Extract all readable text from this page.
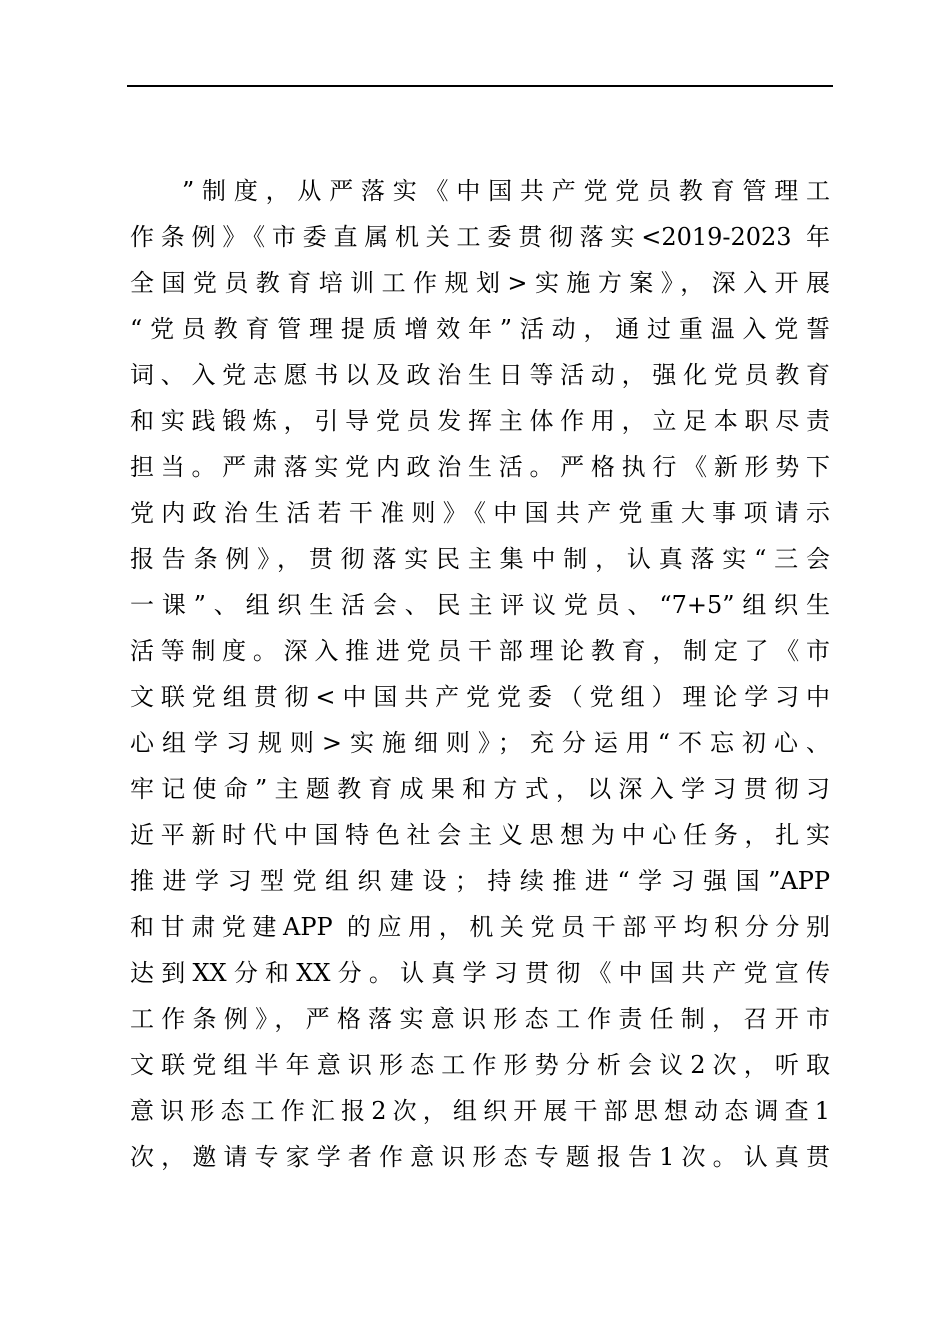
”制度，从严落实《中国共产党党员教育管理工
作条例》《市委直属机关工委贯彻落实<2019-2023 年
全国党员教育培训工作规划>实施方案》，深入开展
“党员教育管理提质增效年”活动，通过重温入党誓
词、入党志愿书以及政治生日等活动，强化党员教育
和实践锻炼，引导党员发挥主体作用，立足本职尽责
担当。严肃落实党内政治生活。严格执行《新形势下
党内政治生活若干准则》《中国共产党重大事项请示
报告条例》，贯彻落实民主集中制，认真落实“三会
一课”、组织生活会、民主评议党员、“7+5”组织生
活等制度。深入推进党员干部理论教育，制定了《市
文联党组贯彻<中国共产党党委（党组）理论学习中
心组学习规则>实施细则》；充分运用“不忘初心、
牢记使命”主题教育成果和方式，以深入学习贯彻习
近平新时代中国特色社会主义思想为中心任务，扎实
推进学习型党组织建设；持续推进“学习强国”APP
和甘肃党建APP 的应用，机关党员干部平均积分分别
达到XX分和XX分。认真学习贯彻《中国共产党宣传
工作条例》，严格落实意识形态工作责任制，召开市
文联党组半年意识形态工作形势分析会议2次，听取
意识形态工作汇报2次，组织开展干部思想动态调查1
次，邀请专家学者作意识形态专题报告1次。认真贯
